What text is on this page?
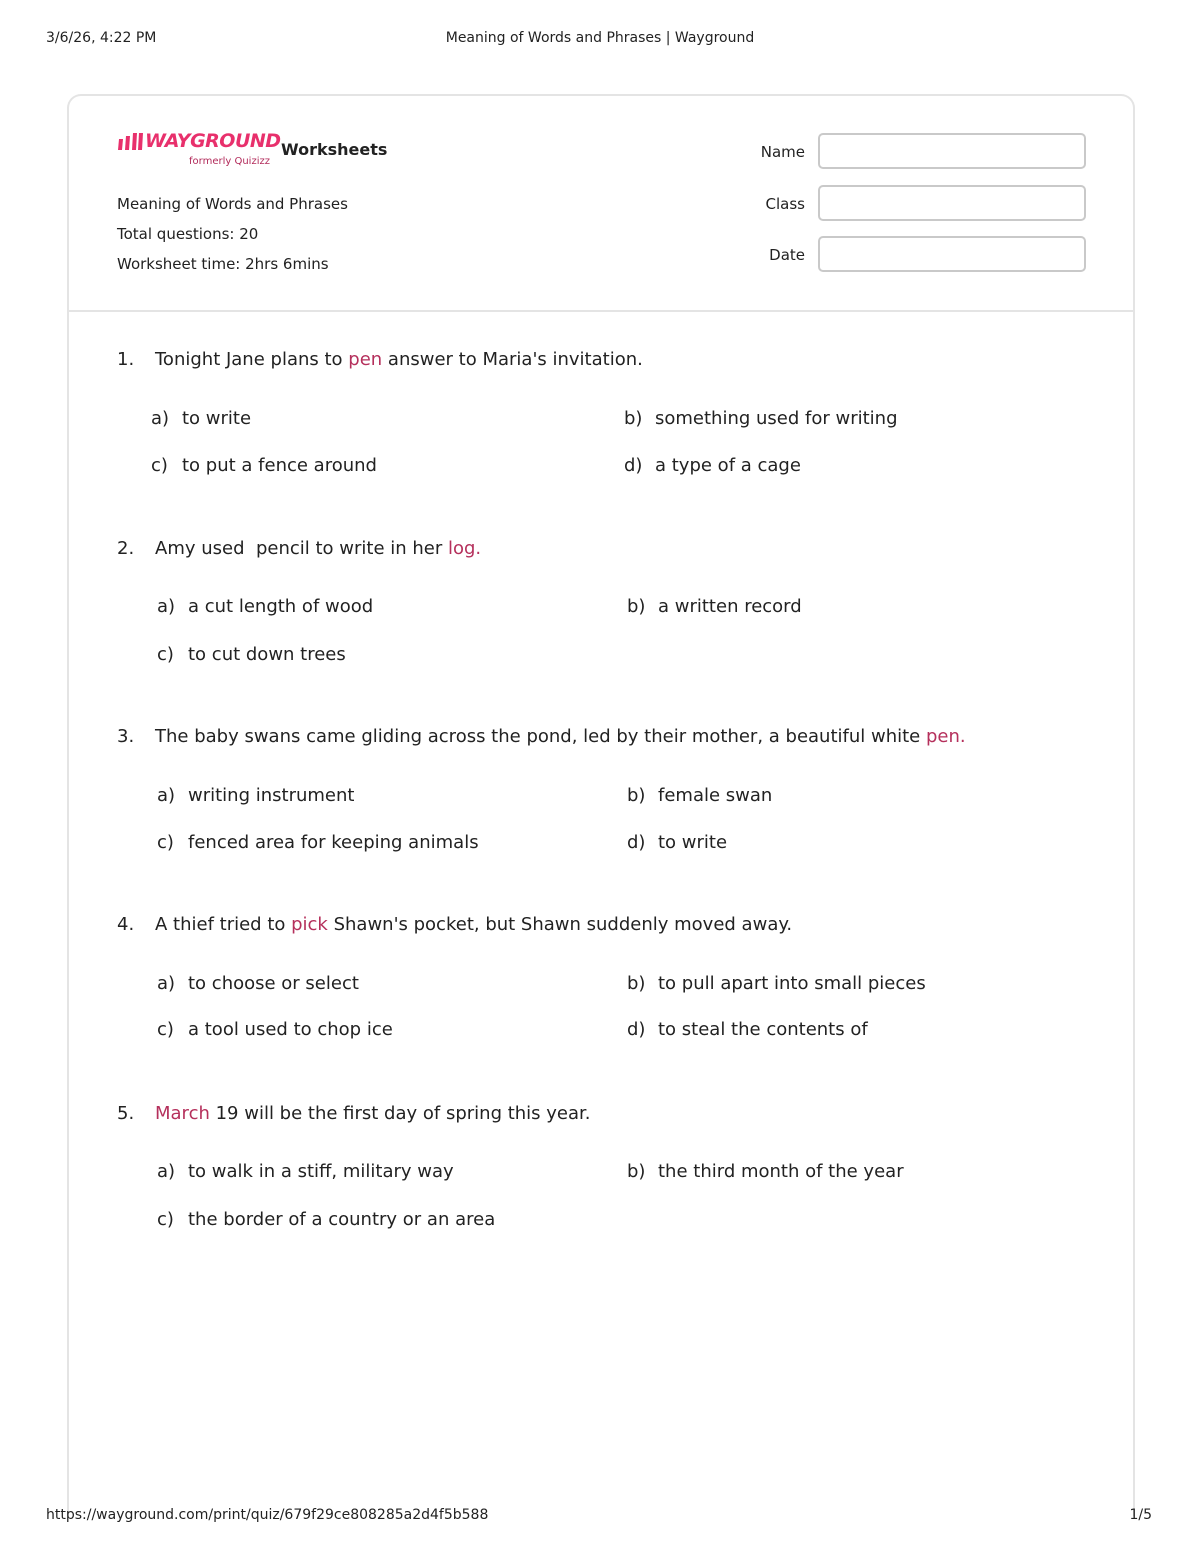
3/6/26, 4:22 PM	Meaning of Words and Phrases | Wayground
WAYGROUND
formerly Quizizz
Worksheets
Meaning of Words and Phrases
Total questions: 20
Worksheet time: 2hrs 6mins
Name
Class
Date
1. Tonight Jane plans to pen answer to Maria's invitation.
a) to write	b) something used for writing
c) to put a fence around	d) a type of a cage
2. Amy used  pencil to write in her log.
a) a cut length of wood	b) a written record
c) to cut down trees
3. The baby swans came gliding across the pond, led by their mother, a beautiful white pen.
a) writing instrument	b) female swan
c) fenced area for keeping animals	d) to write
4. A thief tried to pick Shawn's pocket, but Shawn suddenly moved away.
a) to choose or select	b) to pull apart into small pieces
c) a tool used to chop ice	d) to steal the contents of
5. March 19 will be the first day of spring this year.
a) to walk in a stiff, military way	b) the third month of the year
c) the border of a country or an area
https://wayground.com/print/quiz/679f29ce808285a2d4f5b588	1/5
